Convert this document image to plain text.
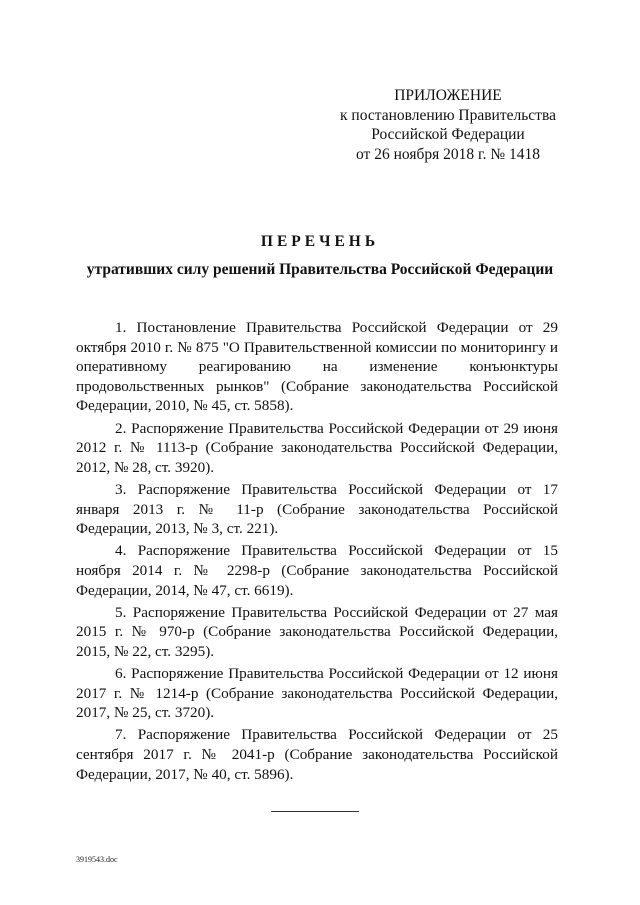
ПРИЛОЖЕНИЕ
к постановлению Правительства
Российской Федерации
от 26 ноября 2018 г. № 1418
ПЕРЕЧЕНЬ
утративших силу решений Правительства Российской Федерации

1. Постановление Правительства Российской Федерации от 29 октября 2010 г. № 875 "О Правительственной комиссии по мониторингу и оперативному реагированию на изменение конъюнктуры продовольственных рынков" (Собрание законодательства Российской Федерации, 2010, № 45, ст. 5858).

2. Распоряжение Правительства Российской Федерации от 29 июня 2012 г. № 1113-р (Собрание законодательства Российской Федерации, 2012, № 28, ст. 3920).

3. Распоряжение Правительства Российской Федерации от 17 января 2013 г. № 11-р (Собрание законодательства Российской Федерации, 2013, № 3, ст. 221).

4. Распоряжение Правительства Российской Федерации от 15 ноября 2014 г. № 2298-р (Собрание законодательства Российской Федерации, 2014, № 47, ст. 6619).

5. Распоряжение Правительства Российской Федерации от 27 мая 2015 г. № 970-р (Собрание законодательства Российской Федерации, 2015, № 22, ст. 3295).

6. Распоряжение Правительства Российской Федерации от 12 июня 2017 г. № 1214-р (Собрание законодательства Российской Федерации, 2017, № 25, ст. 3720).

7. Распоряжение Правительства Российской Федерации от 25 сентября 2017 г. № 2041-р (Собрание законодательства Российской Федерации, 2017, № 40, ст. 5896).

3919543.doc
